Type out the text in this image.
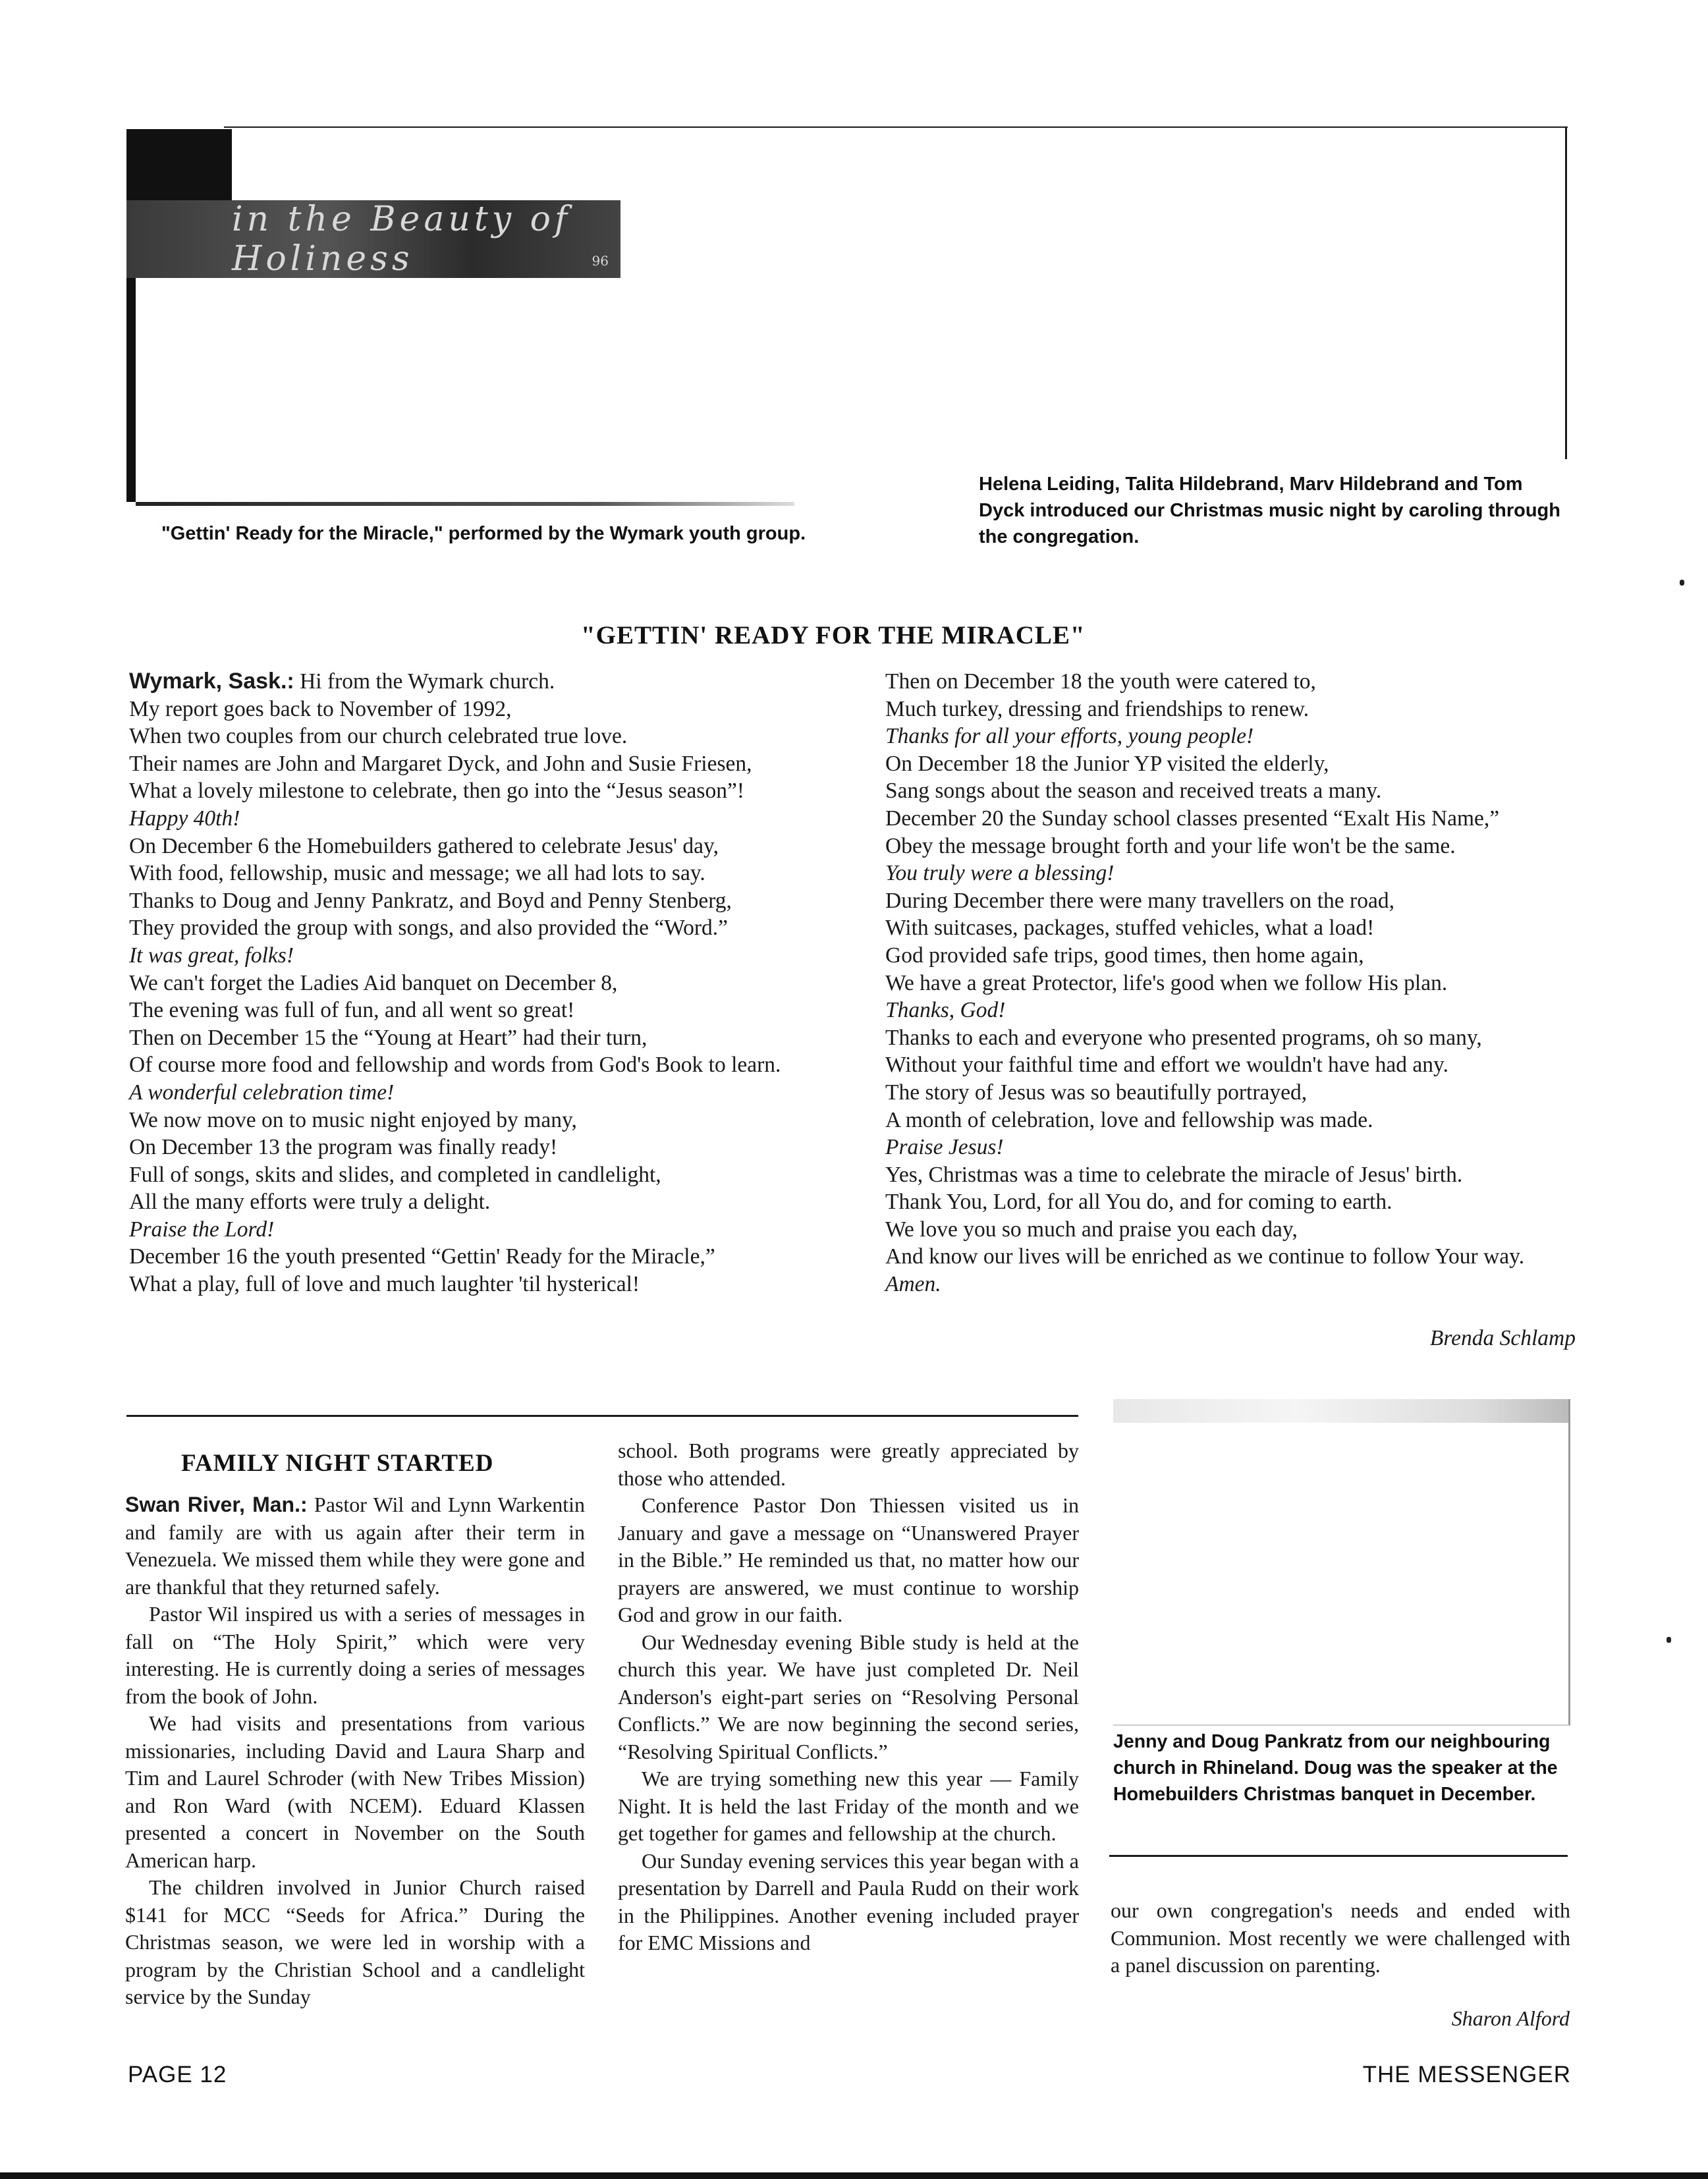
in the Beauty of Holiness	96
"Gettin' Ready for the Miracle," performed by the Wymark youth group.
Helena Leiding, Talita Hildebrand, Marv Hildebrand and Tom Dyck introduced our Christmas music night by caroling through the congregation.
"GETTIN' READY FOR THE MIRACLE"
Wymark, Sask.: Hi from the Wymark church.
My report goes back to November of 1992,
When two couples from our church celebrated true love.
Their names are John and Margaret Dyck, and John and Susie Friesen,
What a lovely milestone to celebrate, then go into the “Jesus season”!
Happy 40th!
On December 6 the Homebuilders gathered to celebrate Jesus' day,
With food, fellowship, music and message; we all had lots to say.
Thanks to Doug and Jenny Pankratz, and Boyd and Penny Stenberg,
They provided the group with songs, and also provided the “Word.”
It was great, folks!
We can't forget the Ladies Aid banquet on December 8,
The evening was full of fun, and all went so great!
Then on December 15 the “Young at Heart” had their turn,
Of course more food and fellowship and words from God's Book to learn.
A wonderful celebration time!
We now move on to music night enjoyed by many,
On December 13 the program was finally ready!
Full of songs, skits and slides, and completed in candlelight,
All the many efforts were truly a delight.
Praise the Lord!
December 16 the youth presented “Gettin' Ready for the Miracle,”
What a play, full of love and much laughter 'til hysterical!
Then on December 18 the youth were catered to,
Much turkey, dressing and friendships to renew.
Thanks for all your efforts, young people!
On December 18 the Junior YP visited the elderly,
Sang songs about the season and received treats a many.
December 20 the Sunday school classes presented “Exalt His Name,”
Obey the message brought forth and your life won't be the same.
You truly were a blessing!
During December there were many travellers on the road,
With suitcases, packages, stuffed vehicles, what a load!
God provided safe trips, good times, then home again,
We have a great Protector, life's good when we follow His plan.
Thanks, God!
Thanks to each and everyone who presented programs, oh so many,
Without your faithful time and effort we wouldn't have had any.
The story of Jesus was so beautifully portrayed,
A month of celebration, love and fellowship was made.
Praise Jesus!
Yes, Christmas was a time to celebrate the miracle of Jesus' birth.
Thank You, Lord, for all You do, and for coming to earth.
We love you so much and praise you each day,
And know our lives will be enriched as we continue to follow Your way.
Amen.
Brenda Schlamp
FAMILY NIGHT STARTED

Swan River, Man.: Pastor Wil and Lynn Warkentin and family are with us again after their term in Venezuela. We missed them while they were gone and are thankful that they returned safely.

Pastor Wil inspired us with a series of messages in fall on “The Holy Spirit,” which were very interesting. He is currently doing a series of messages from the book of John.

We had visits and presentations from various missionaries, including David and Laura Sharp and Tim and Laurel Schroder (with New Tribes Mission) and Ron Ward (with NCEM). Eduard Klassen presented a concert in November on the South American harp.

The children involved in Junior Church raised $141 for MCC “Seeds for Africa.” During the Christmas season, we were led in worship with a program by the Christian School and a candlelight service by the Sunday

school. Both programs were greatly appreciated by those who attended.

Conference Pastor Don Thiessen visited us in January and gave a message on “Unanswered Prayer in the Bible.” He reminded us that, no matter how our prayers are answered, we must continue to worship God and grow in our faith.

Our Wednesday evening Bible study is held at the church this year. We have just completed Dr. Neil Anderson's eight-part series on “Resolving Personal Conflicts.” We are now beginning the second series, “Resolving Spiritual Conflicts.”

We are trying something new this year — Family Night. It is held the last Friday of the month and we get together for games and fellowship at the church.

Our Sunday evening services this year began with a presentation by Darrell and Paula Rudd on their work in the Philippines. Another evening included prayer for EMC Missions and

Jenny and Doug Pankratz from our neighbouring church in Rhineland. Doug was the speaker at the Homebuilders Christmas banquet in December.

our own congregation's needs and ended with Communion. Most recently we were challenged with a panel discussion on parenting.

Sharon Alford
PAGE 12	THE MESSENGER
